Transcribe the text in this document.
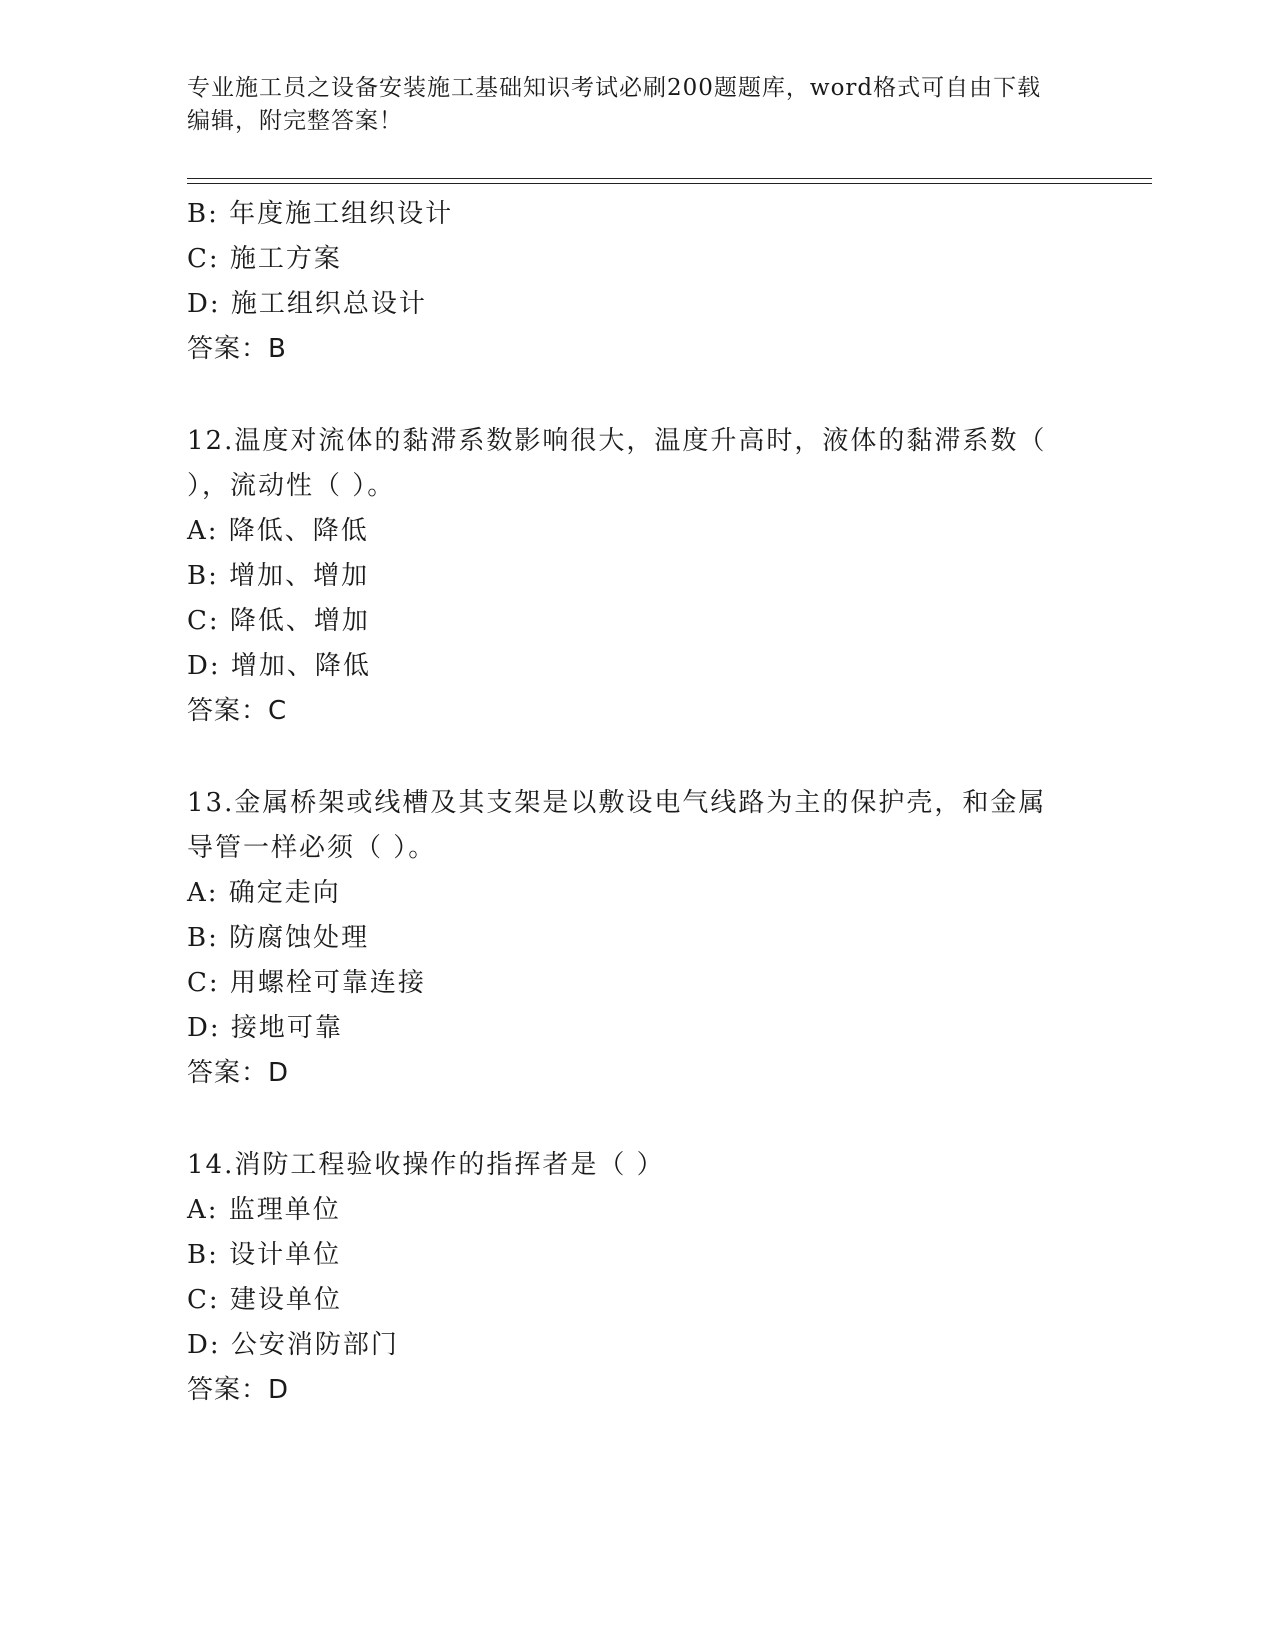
专业施工员之设备安装施工基础知识考试必刷200题题库，word格式可自由下载
编辑，附完整答案！
B: 年度施工组织设计
C: 施工方案
D: 施工组织总设计
答案：B
12.温度对流体的黏滞系数影响很大，温度升高时，液体的黏滞系数（
），流动性（ ）。
A: 降低、降低
B: 增加、增加
C: 降低、增加
D: 增加、降低
答案：C
13.金属桥架或线槽及其支架是以敷设电气线路为主的保护壳，和金属
导管一样必须（ ）。
A: 确定走向
B: 防腐蚀处理
C: 用螺栓可靠连接
D: 接地可靠
答案：D
14.消防工程验收操作的指挥者是（ ）
A: 监理单位
B: 设计单位
C: 建设单位
D: 公安消防部门
答案：D
